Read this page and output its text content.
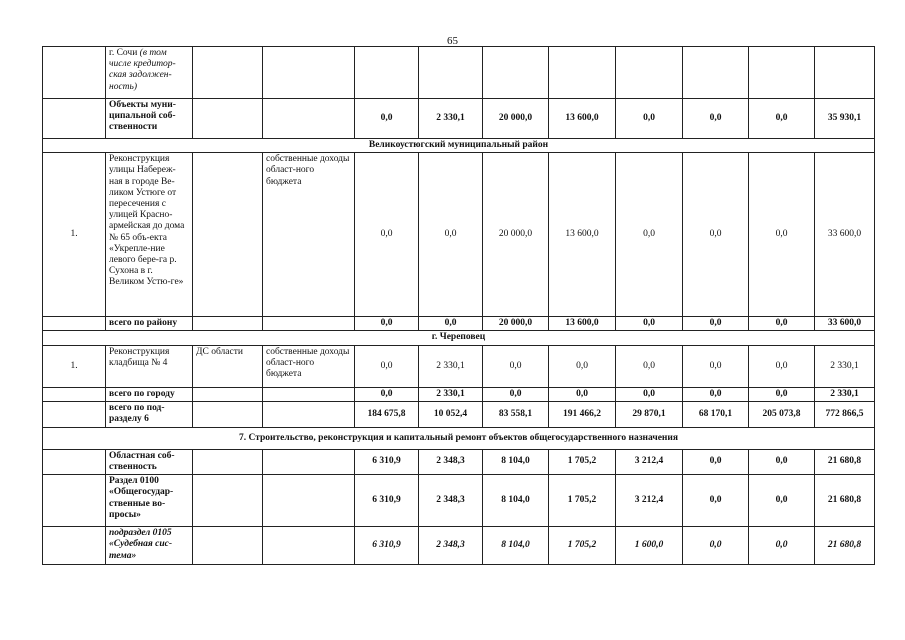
65
	г. Сочи (в том числе кредитор-ская задолжен-ность)										
	Объекты муни-ципальной соб-ственности			0,0	2 330,1	20 000,0	13 600,0	0,0	0,0	0,0	35 930,1
Великоустюгский муниципальный район											
1.	Реконструкция улицы Набереж-ная в городе Ве-ликом Устюге от пересечения с улицей Красно-армейская до дома № 65 объ-екта «Укрепле-ние левого бере-га р. Сухона в г. Великом Устю-ге»		собственные доходы област-ного бюджета	0,0	0,0	20 000,0	13 600,0	0,0	0,0	0,0	33 600,0
	всего по району			0,0	0,0	20 000,0	13 600,0	0,0	0,0	0,0	33 600,0
г. Череповец											
1.	Реконструкция кладбища № 4	ДС области	собственные доходы област-ного бюджета	0,0	2 330,1	0,0	0,0	0,0	0,0	0,0	2 330,1
	всего по городу			0,0	2 330,1	0,0	0,0	0,0	0,0	0,0	2 330,1
	всего по под-разделу 6			184 675,8	10 052,4	83 558,1	191 466,2	29 870,1	68 170,1	205 073,8	772 866,5
7. Строительство, реконструкция и капитальный ремонт объектов общегосударственного назначения											
	Областная соб-ственность			6 310,9	2 348,3	8 104,0	1 705,2	3 212,4	0,0	0,0	21 680,8
	Раздел 0100 «Общегосудар-ственные во-просы»			6 310,9	2 348,3	8 104,0	1 705,2	3 212,4	0,0	0,0	21 680,8
	подраздел 0105 «Судебная сис-тема»			6 310,9	2 348,3	8 104,0	1 705,2	1 600,0	0,0	0,0	21 680,8
